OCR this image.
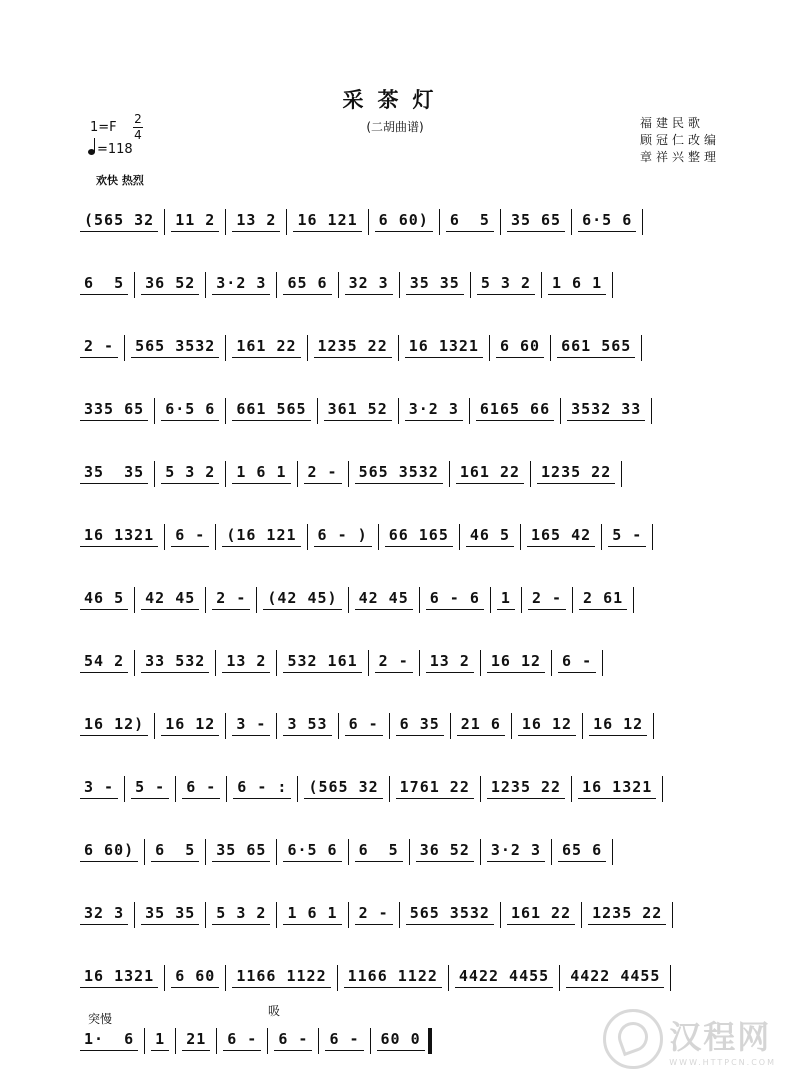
采茶灯
(二胡曲谱)
1=F
2
4
=118
福建民歌
顾冠仁改编
章祥兴整理
欢快 热烈
(565 32 11 2 13 2 16 121 6 60) 6  5 35 65 6·5 6
6  5 36 52 3·2 3 65 6 32 3 35 35 5 3 2 1 6 1
2 - 565 3532 161 22 1235 22 16 1321 6 60 661 565
335 65 6·5 6 661 565 361 52 3·2 3 6165 66 3532 33
35  35 5 3 2 1 6 1 2 - 565 3532 161 22 1235 22
16 1321 6 - (16 121 6 - ) 66 165 46 5 165 42 5 -
46 5 42 45 2 - (42 45) 42 45 6 - 6 1 2 - 2 61
54 2 33 532 13 2 532 161 2 - 13 2 16 12 6 -
16 12) 16 12 3 - 3 53 6 - 6 35 21 6 16 12 16 12
3 - 5 - 6 - 6 - : (565 32 1761 22 1235 22 16 1321
6 60) 6  5 35 65 6·5 6 6  5 36 52 3·2 3 65 6
32 3 35 35 5 3 2 1 6 1 2 - 565 3532 161 22 1235 22
16 1321 6 60 1166 1122 1166 1122 4422 4455 4422 4455
1·  6 1 21 6 - 6 - 6 - 60 0
突慢
吸
汉程网
WWW.HTTPCN.COM
